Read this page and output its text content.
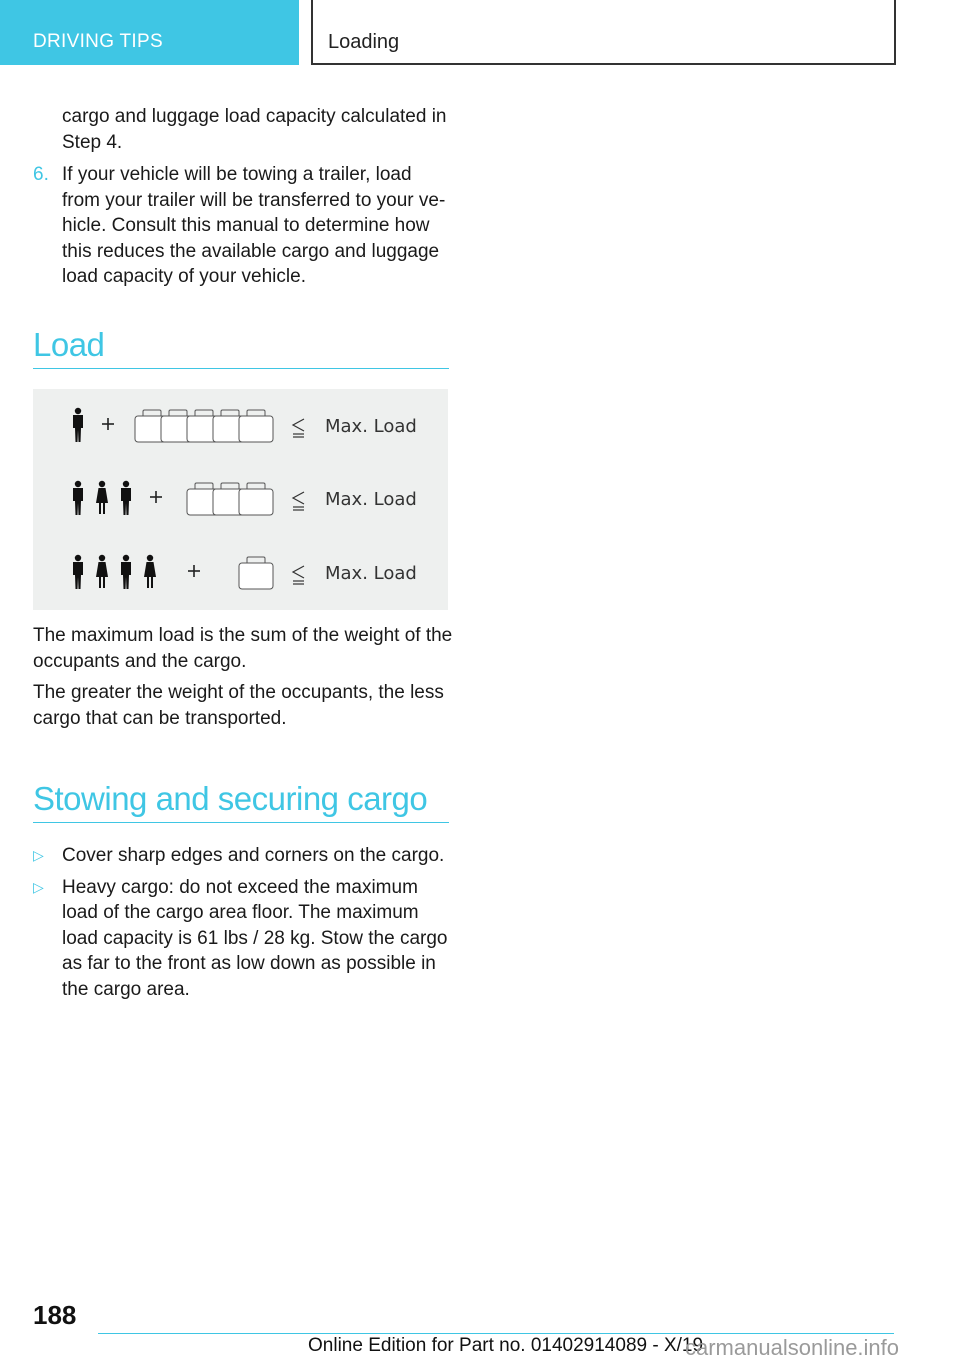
DRIVING TIPS	Loading

cargo and luggage load capacity calculated in Step 4.

6. If your vehicle will be towing a trailer, load from your trailer will be transferred to your ve-hicle. Consult this manual to determine how this reduces the available cargo and luggage load capacity of your vehicle.

Load
Max. Load
Max. Load
Max. Load

The maximum load is the sum of the weight of the occupants and the cargo.

The greater the weight of the occupants, the less cargo that can be transported.

Stowing and securing cargo
▷ Cover sharp edges and corners on the cargo.

▷ Heavy cargo: do not exceed the maximum load of the cargo area floor. The maximum load capacity is 61 lbs / 28 kg. Stow the cargo as far to the front as low down as possible in the cargo area.

188
Online Edition for Part no. 01402914089 - X/19
carmanualsonline.info
